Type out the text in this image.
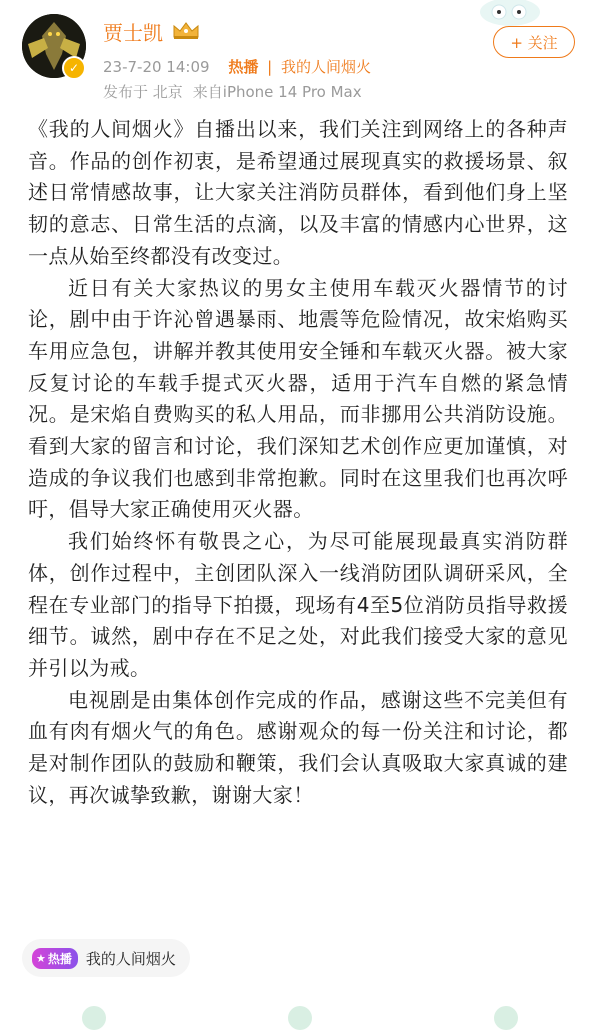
✓
贾士凯
23-7-20 14:09 热播 | 我的人间烟火
发布于 北京 来自iPhone 14 Pro Max
+ 关注

《我的人间烟火》自播出以来，我们关注到网络上的各种声音。作品的创作初衷，是希望通过展现真实的救援场景、叙述日常情感故事，让大家关注消防员群体，看到他们身上坚韧的意志、日常生活的点滴，以及丰富的情感内心世界，这一点从始至终都没有改变过。

近日有关大家热议的男女主使用车载灭火器情节的讨论，剧中由于许沁曾遇暴雨、地震等危险情况，故宋焰购买车用应急包，讲解并教其使用安全锤和车载灭火器。被大家反复讨论的车载手提式灭火器，适用于汽车自燃的紧急情况。是宋焰自费购买的私人用品，而非挪用公共消防设施。看到大家的留言和讨论，我们深知艺术创作应更加谨慎，对造成的争议我们也感到非常抱歉。同时在这里我们也再次呼吁，倡导大家正确使用灭火器。

我们始终怀有敬畏之心，为尽可能展现最真实消防群体，创作过程中，主创团队深入一线消防团队调研采风，全程在专业部门的指导下拍摄，现场有4至5位消防员指导救援细节。诚然，剧中存在不足之处，对此我们接受大家的意见并引以为戒。

电视剧是由集体创作完成的作品，感谢这些不完美但有血有肉有烟火气的角色。感谢观众的每一份关注和讨论，都是对制作团队的鼓励和鞭策，我们会认真吸取大家真诚的建议，再次诚挚致歉，谢谢大家！

★ 热播 我的人间烟火
